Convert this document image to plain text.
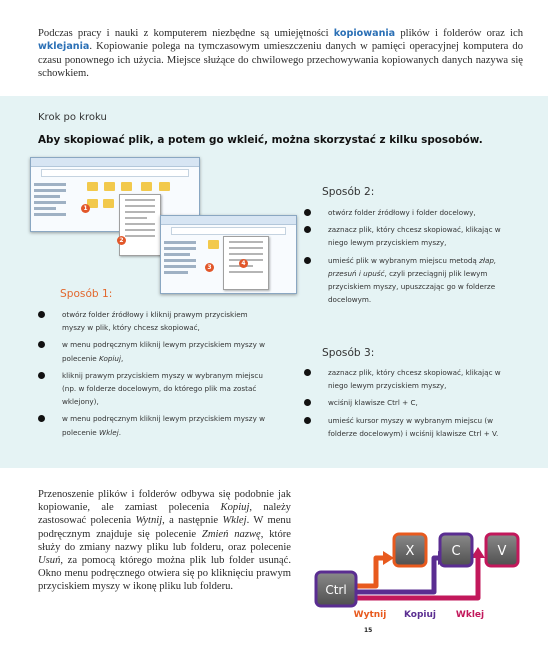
Podczas pracy i nauki z komputerem niezbędne są umiejętności kopiowania plików i folderów oraz ich wklejania. Kopiowanie polega na tymczasowym umieszczeniu danych w pamięci operacyjnej komputera do czasu ponownego ich użycia. Miejsce służące do chwilowego przechowywania kopiowanych danych nazywa się schowkiem.

Krok po kroku
Aby skopiować plik, a potem go wkleić, można skorzystać z kilku sposobów.
1
2
3
4
Sposób 1:
otwórz folder źródłowy i kliknij prawym przyciskiem myszy w plik, który chcesz skopiować,
w menu podręcznym kliknij lewym przyciskiem myszy w polecenie Kopiuj,
kliknij prawym przyciskiem myszy w wybranym miejscu (np. w folderze docelowym, do którego plik ma zostać wklejony),
w menu podręcznym kliknij lewym przyciskiem myszy w polecenie Wklej.
Sposób 2:
otwórz folder źródłowy i folder docelowy,
zaznacz plik, który chcesz skopiować, klikając w niego lewym przyciskiem myszy,
umieść plik w wybranym miejscu metodą złap, przesuń i upuść, czyli przeciągnij plik lewym przyciskiem myszy, upuszczając go w folderze docelowym.
Sposób 3:
zaznacz plik, który chcesz skopiować, klikając w niego lewym przyciskiem myszy,
wciśnij klawisze Ctrl + C,
umieść kursor myszy w wybranym miejscu (w folderze docelowym) i wciśnij klawisze Ctrl + V.

Przenoszenie plików i folderów odbywa się podobnie jak kopiowanie, ale zamiast polecenia Kopiuj, należy zastosować polecenia Wytnij, a następnie Wklej. W menu podręcznym znajduje się polecenie Zmień nazwę, które służy do zmiany nazwy pliku lub folderu, oraz polecenie Usuń, za pomocą którego można plik lub folder usunąć. Okno menu podręcznego otwiera się po kliknięciu prawym przyciskiem myszy w ikonę pliku lub folderu.	Ctrl
X	C	V
Wytnij Kopiuj Wklej
15
